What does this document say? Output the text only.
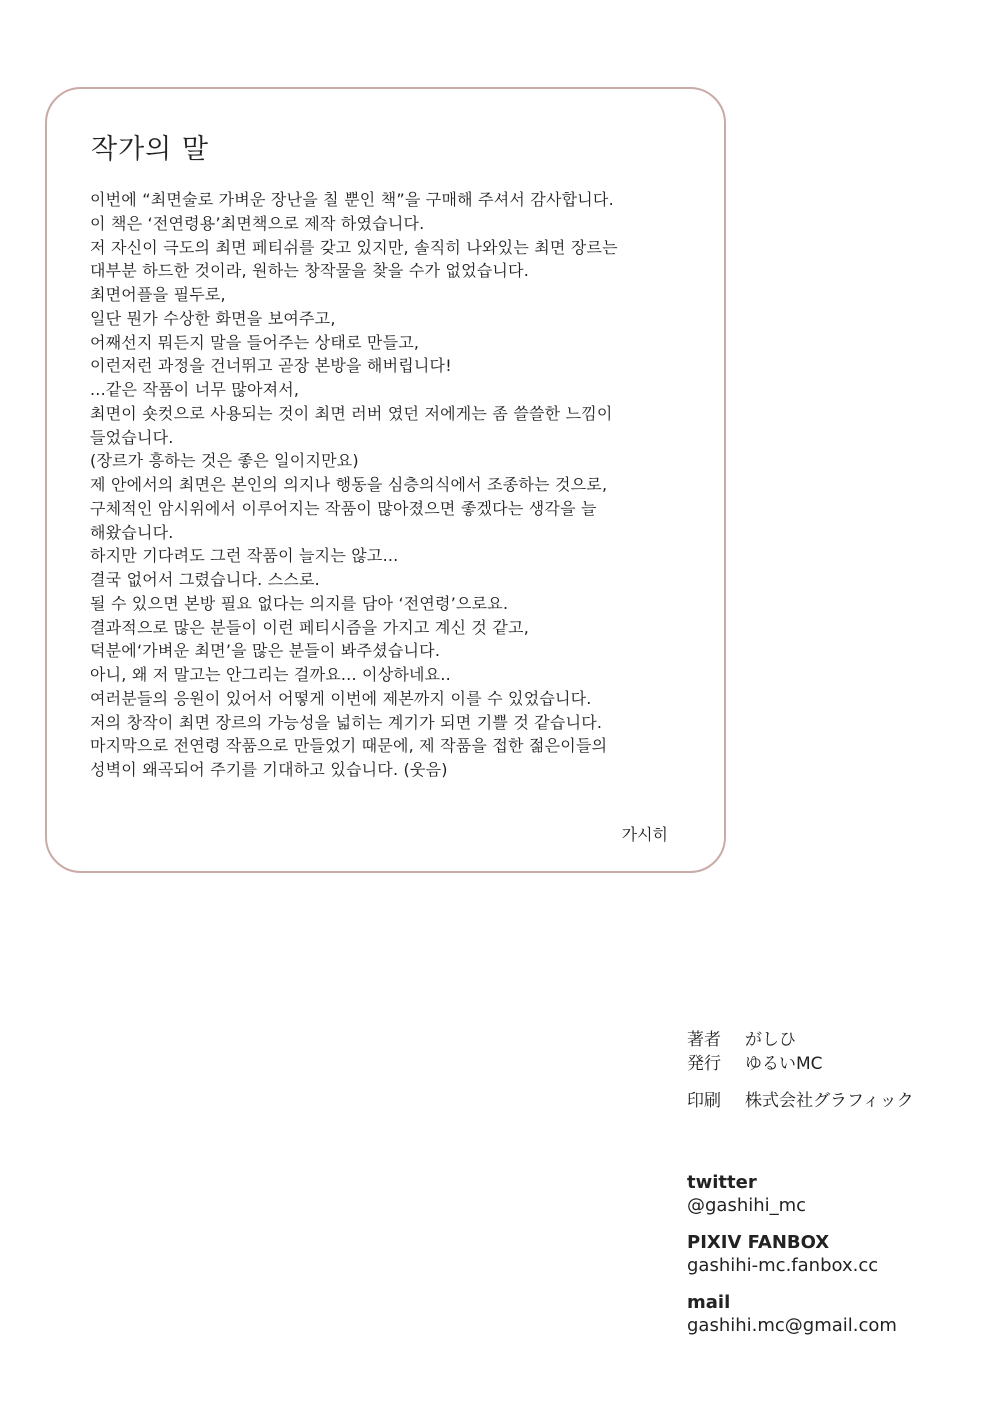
작가의 말
이번에 “최면술로 가벼운 장난을 칠 뿐인 책”을 구매해 주셔서 감사합니다.
이 책은 ‘전연령용’최면책으로 제작 하였습니다.
저 자신이 극도의 최면 페티쉬를 갖고 있지만, 솔직히 나와있는 최면 장르는
대부분 하드한 것이라, 원하는 창작물을 찾을 수가 없었습니다.
최면어플을 필두로,
일단 뭔가 수상한 화면을 보여주고,
어째선지 뭐든지 말을 들어주는 상태로 만들고,
이런저런 과정을 건너뛰고 곧장 본방을 해버립니다!
...같은 작품이 너무 많아져서,
최면이 숏컷으로 사용되는 것이 최면 러버 였던 저에게는 좀 쓸쓸한 느낌이
들었습니다.
(장르가 흥하는 것은 좋은 일이지만요)
제 안에서의 최면은 본인의 의지나 행동을 심층의식에서 조종하는 것으로,
구체적인 암시위에서 이루어지는 작품이 많아졌으면 좋겠다는 생각을 늘
해왔습니다.
하지만 기다려도 그런 작품이 늘지는 않고...
결국 없어서 그렸습니다. 스스로.
될 수 있으면 본방 필요 없다는 의지를 담아 ‘전연령’으로요.
결과적으로 많은 분들이 이런 페티시즘을 가지고 계신 것 같고,
덕분에‘가벼운 최면’을 많은 분들이 봐주셨습니다.
아니, 왜 저 말고는 안그리는 걸까요... 이상하네요..
여러분들의 응원이 있어서 어떻게 이번에 제본까지 이를 수 있었습니다.
저의 창작이 최면 장르의 가능성을 넓히는 계기가 되면 기쁠 것 같습니다.
마지막으로 전연령 작품으로 만들었기 때문에, 제 작품을 접한 젊은이들의
성벽이 왜곡되어 주기를 기대하고 있습니다. (웃음)
가시히
著者	がしひ
発行	ゆるいMC
印刷	株式会社グラフィック
twitter
@gashihi_mc
PIXIV FANBOX
gashihi-mc.fanbox.cc
mail
gashihi.mc@gmail.com
